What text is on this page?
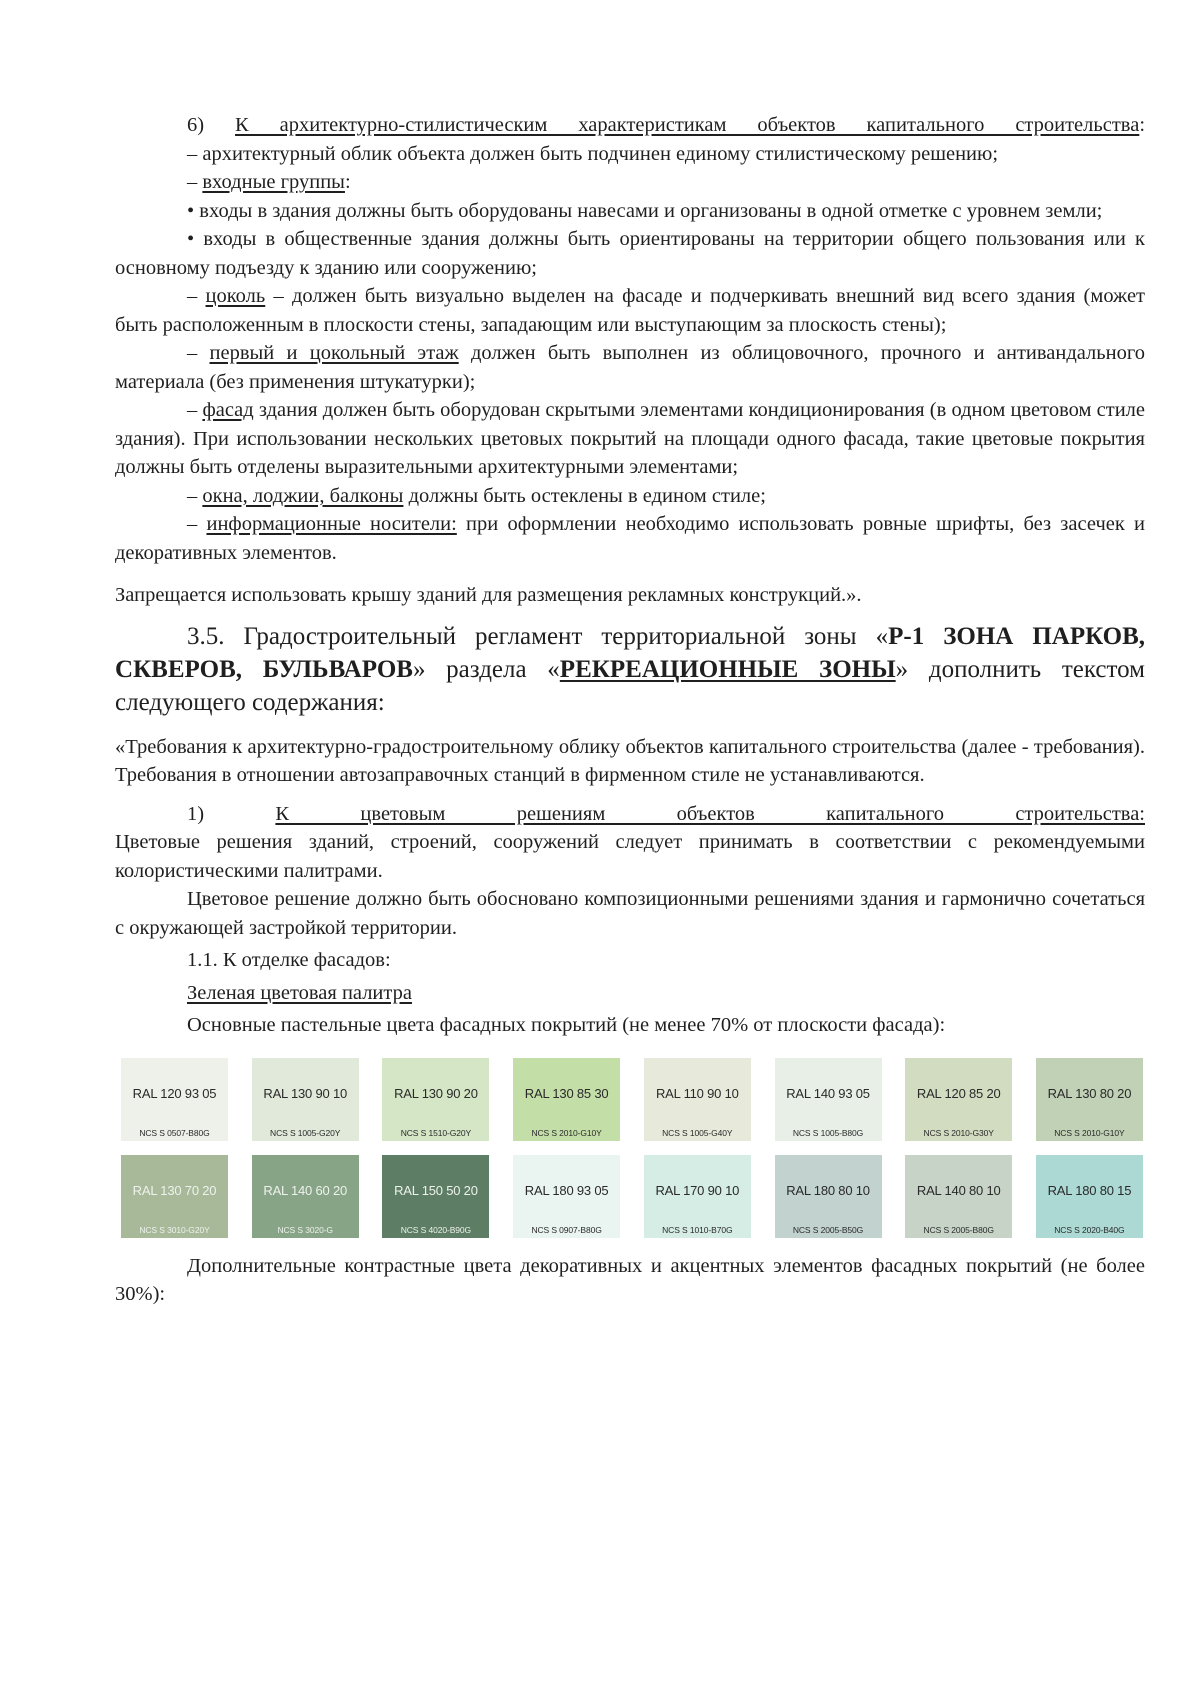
6) К архитектурно-стилистическим характеристикам объектов капитального строительства:

– архитектурный облик объекта должен быть подчинен единому стилистическому решению;

– входные группы:

• входы в здания должны быть оборудованы навесами и организованы в одной отметке с уровнем земли;

• входы в общественные здания должны быть ориентированы на территории общего пользования или к основному подъезду к зданию или сооружению;

– цоколь – должен быть визуально выделен на фасаде и подчеркивать внешний вид всего здания (может быть расположенным в плоскости стены, западающим или выступающим за плоскость стены);

– первый и цокольный этаж должен быть выполнен из облицовочного, прочного и антивандального материала (без применения штукатурки);

– фасад здания должен быть оборудован скрытыми элементами кондиционирования (в одном цветовом стиле здания). При использовании нескольких цветовых покрытий на площади одного фасада, такие цветовые покрытия должны быть отделены выразительными архитектурными элементами;

– окна, лоджии, балконы должны быть остеклены в едином стиле;

– информационные носители: при оформлении необходимо использовать ровные шрифты, без засечек и декоративных элементов.

Запрещается использовать крышу зданий для размещения рекламных конструкций.».

3.5. Градостроительный регламент территориальной зоны «Р-1 ЗОНА ПАРКОВ, СКВЕРОВ, БУЛЬВАРОВ» раздела «РЕКРЕАЦИОННЫЕ ЗОНЫ» дополнить текстом следующего содержания:

«Требования к архитектурно-градостроительному облику объектов капитального строительства (далее - требования). Требования в отношении автозаправочных станций в фирменном стиле не устанавливаются.

1) К цветовым решениям объектов капитального строительства:

Цветовые решения зданий, строений, сооружений следует принимать в соответствии с рекомендуемыми колористическими палитрами.

Цветовое решение должно быть обосновано композиционными решениями здания и гармонично сочетаться с окружающей застройкой территории.

1.1. К отделке фасадов:

Зеленая цветовая палитра

Основные пастельные цвета фасадных покрытий (не менее 70% от плоскости фасада):

RAL 120 93 05
NCS S 0507-B80G
RAL 130 90 10
NCS S 1005-G20Y
RAL 130 90 20
NCS S 1510-G20Y
RAL 130 85 30
NCS S 2010-G10Y
RAL 110 90 10
NCS S 1005-G40Y
RAL 140 93 05
NCS S 1005-B80G
RAL 120 85 20
NCS S 2010-G30Y
RAL 130 80 20
NCS S 2010-G10Y
RAL 130 70 20
NCS S 3010-G20Y
RAL 140 60 20
NCS S 3020-G
RAL 150 50 20
NCS S 4020-B90G
RAL 180 93 05
NCS S 0907-B80G
RAL 170 90 10
NCS S 1010-B70G
RAL 180 80 10
NCS S 2005-B50G
RAL 140 80 10
NCS S 2005-B80G
RAL 180 80 15
NCS S 2020-B40G

Дополнительные контрастные цвета декоративных и акцентных элементов фасадных покрытий (не более 30%):
